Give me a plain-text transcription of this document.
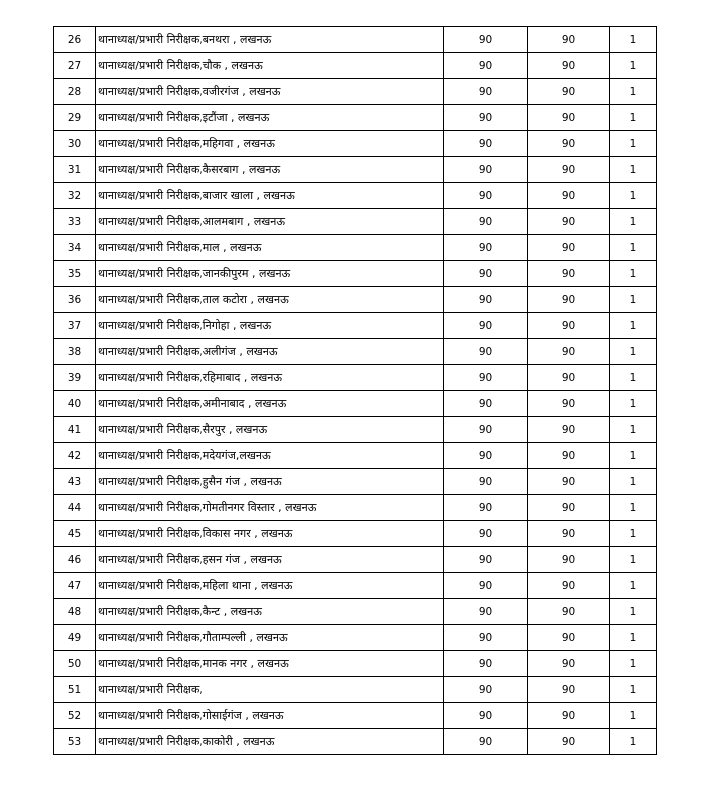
26	थानाध्यक्ष/प्रभारी निरीक्षक,बनथरा , लखनऊ	90	90	1
27	थानाध्यक्ष/प्रभारी निरीक्षक,चौक , लखनऊ	90	90	1
28	थानाध्यक्ष/प्रभारी निरीक्षक,वजीरगंज , लखनऊ	90	90	1
29	थानाध्यक्ष/प्रभारी निरीक्षक,इटौंजा , लखनऊ	90	90	1
30	थानाध्यक्ष/प्रभारी निरीक्षक,महिगवा , लखनऊ	90	90	1
31	थानाध्यक्ष/प्रभारी निरीक्षक,कैसरबाग , लखनऊ	90	90	1
32	थानाध्यक्ष/प्रभारी निरीक्षक,बाजार खाला , लखनऊ	90	90	1
33	थानाध्यक्ष/प्रभारी निरीक्षक,आलमबाग , लखनऊ	90	90	1
34	थानाध्यक्ष/प्रभारी निरीक्षक,माल , लखनऊ	90	90	1
35	थानाध्यक्ष/प्रभारी निरीक्षक,जानकीपुरम , लखनऊ	90	90	1
36	थानाध्यक्ष/प्रभारी निरीक्षक,ताल कटोरा , लखनऊ	90	90	1
37	थानाध्यक्ष/प्रभारी निरीक्षक,निगोहा , लखनऊ	90	90	1
38	थानाध्यक्ष/प्रभारी निरीक्षक,अलीगंज , लखनऊ	90	90	1
39	थानाध्यक्ष/प्रभारी निरीक्षक,रहिमाबाद , लखनऊ	90	90	1
40	थानाध्यक्ष/प्रभारी निरीक्षक,अमीनाबाद , लखनऊ	90	90	1
41	थानाध्यक्ष/प्रभारी निरीक्षक,सैरपुर , लखनऊ	90	90	1
42	थानाध्यक्ष/प्रभारी निरीक्षक,मदेयगंज,लखनऊ	90	90	1
43	थानाध्यक्ष/प्रभारी निरीक्षक,हुसैन गंज , लखनऊ	90	90	1
44	थानाध्यक्ष/प्रभारी निरीक्षक,गोमतीनगर विस्तार , लखनऊ	90	90	1
45	थानाध्यक्ष/प्रभारी निरीक्षक,विकास नगर , लखनऊ	90	90	1
46	थानाध्यक्ष/प्रभारी निरीक्षक,हसन गंज , लखनऊ	90	90	1
47	थानाध्यक्ष/प्रभारी निरीक्षक,महिला थाना , लखनऊ	90	90	1
48	थानाध्यक्ष/प्रभारी निरीक्षक,कैन्ट , लखनऊ	90	90	1
49	थानाध्यक्ष/प्रभारी निरीक्षक,गौताम्पल्ली , लखनऊ	90	90	1
50	थानाध्यक्ष/प्रभारी निरीक्षक,मानक नगर , लखनऊ	90	90	1
51	थानाध्यक्ष/प्रभारी निरीक्षक,	90	90	1
52	थानाध्यक्ष/प्रभारी निरीक्षक,गोसाईगंज , लखनऊ	90	90	1
53	थानाध्यक्ष/प्रभारी निरीक्षक,काकोरी , लखनऊ	90	90	1
